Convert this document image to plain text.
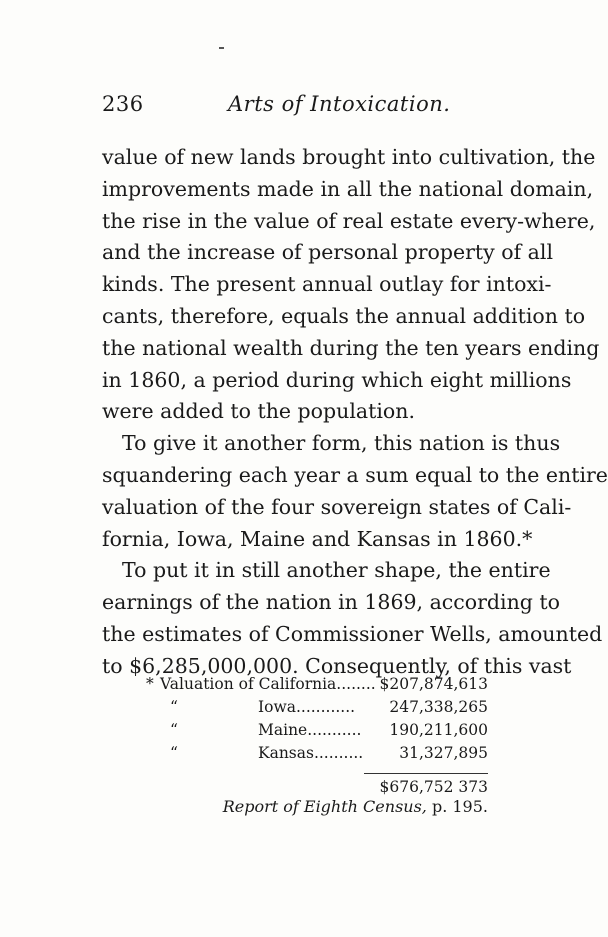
236	Arts of Intoxication.
value of new lands brought into cultivation, the
improvements made in all the national domain,
the rise in the value of real estate every-where,
and the increase of personal property of all
kinds. The present annual outlay for intoxi-
cants, therefore, equals the annual addition to
the national wealth during the ten years ending
in 1860, a period during which eight millions
were added to the population.
To give it another form, this nation is thus
squandering each year a sum equal to the entire
valuation of the four sovereign states of Cali-
fornia, Iowa, Maine and Kansas in 1860.*
To put it in still another shape, the entire
earnings of the nation in 1869, according to
the estimates of Commissioner Wells, amounted
to $6,285,000,000. Consequently, of this vast
* Valuation of California........ $207,874,613
“	Iowa............ 247,338,265
“	Maine........... 190,211,600
“	Kansas.......... 31,327,895
$676,752 373
Report of Eighth Census, p. 195.
